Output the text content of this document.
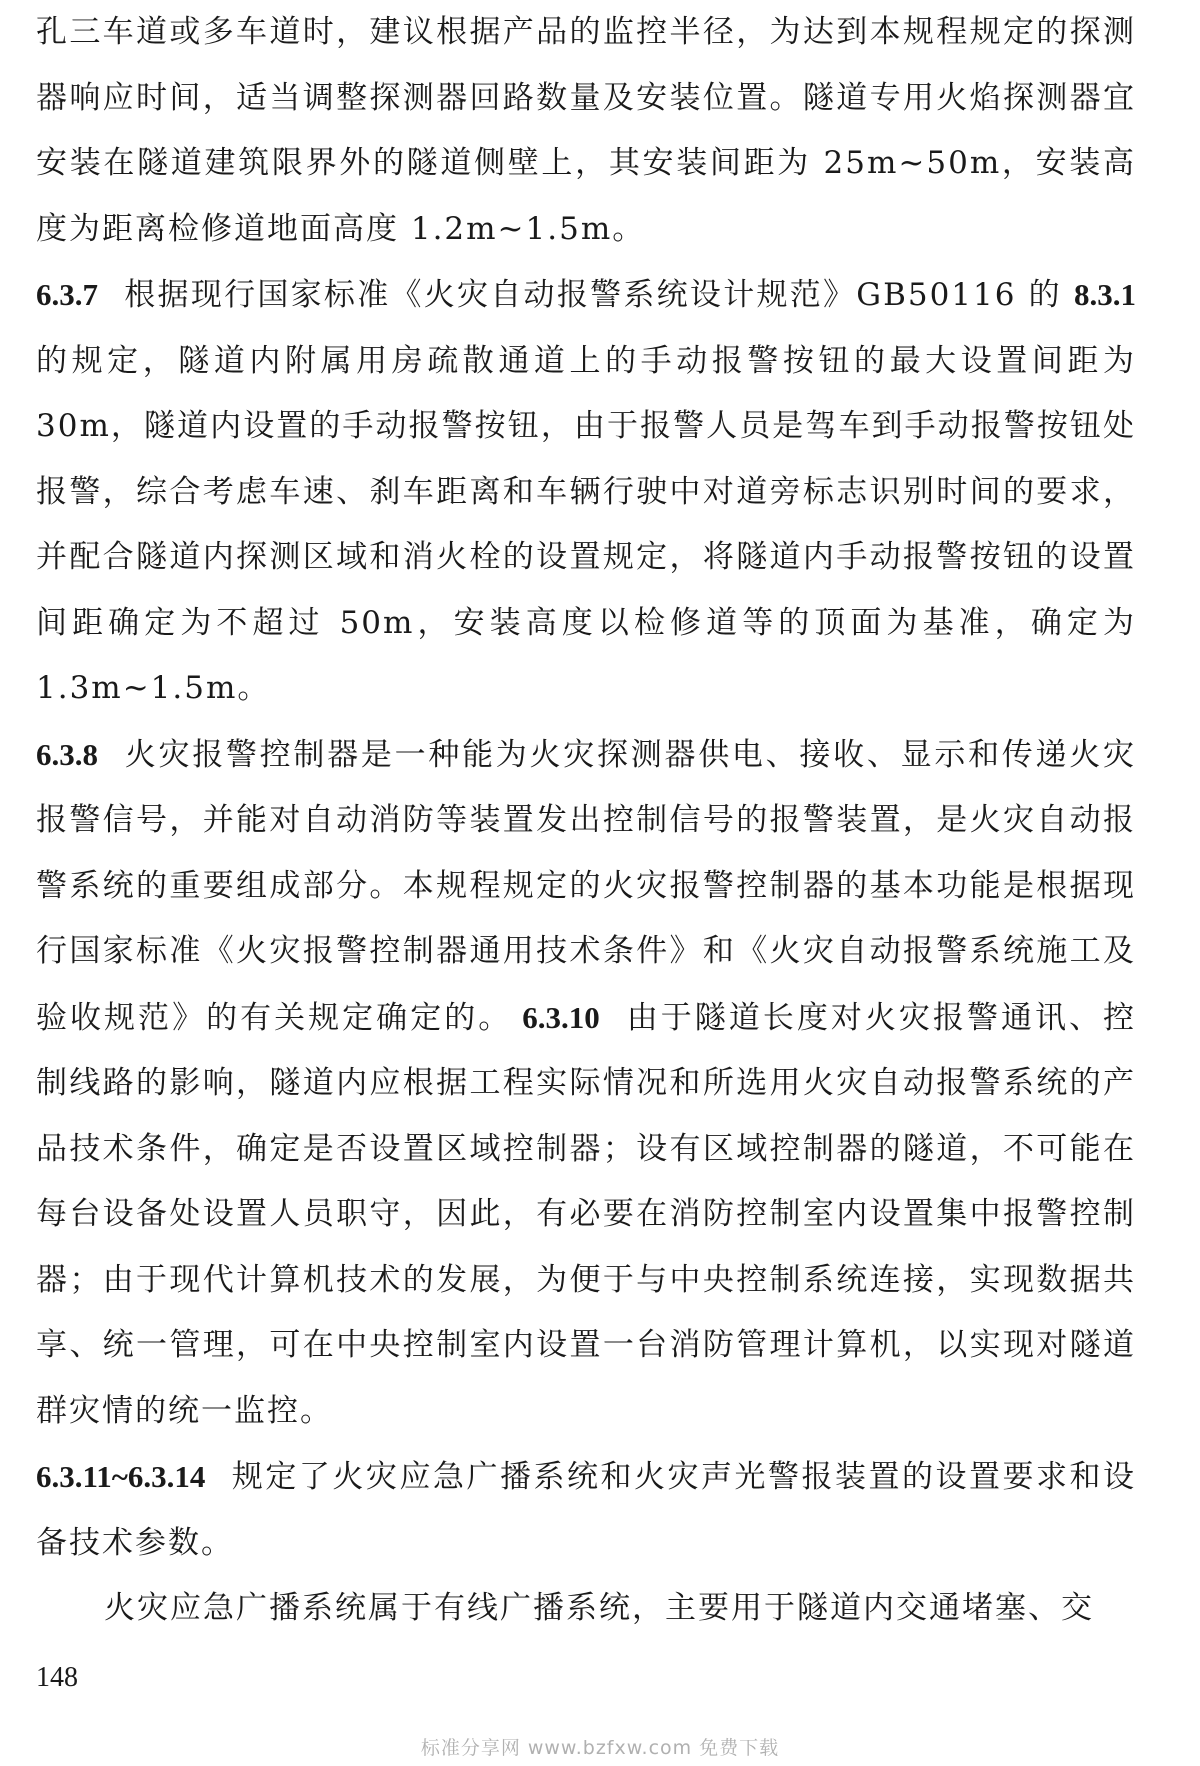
孔三车道或多车道时，建议根据产品的监控半径，为达到本规程规定的探测器响应时间，适当调整探测器回路数量及安装位置。隧道专用火焰探测器宜安装在隧道建筑限界外的隧道侧壁上，其安装间距为 25m~50m，安装高度为距离检修道地面高度 1.2m~1.5m。

6.3.7 根据现行国家标准《火灾自动报警系统设计规范》GB50116 的 8.3.1 的规定，隧道内附属用房疏散通道上的手动报警按钮的最大设置间距为 30m，隧道内设置的手动报警按钮，由于报警人员是驾车到手动报警按钮处报警，综合考虑车速、刹车距离和车辆行驶中对道旁标志识别时间的要求，并配合隧道内探测区域和消火栓的设置规定，将隧道内手动报警按钮的设置间距确定为不超过 50m，安装高度以检修道等的顶面为基准，确定为 1.3m~1.5m。

6.3.8 火灾报警控制器是一种能为火灾探测器供电、接收、显示和传递火灾报警信号，并能对自动消防等装置发出控制信号的报警装置，是火灾自动报警系统的重要组成部分。本规程规定的火灾报警控制器的基本功能是根据现行国家标准《火灾报警控制器通用技术条件》和《火灾自动报警系统施工及验收规范》的有关规定确定的。 6.3.10 由于隧道长度对火灾报警通讯、控制线路的影响，隧道内应根据工程实际情况和所选用火灾自动报警系统的产品技术条件，确定是否设置区域控制器；设有区域控制器的隧道，不可能在每台设备处设置人员职守，因此，有必要在消防控制室内设置集中报警控制器；由于现代计算机技术的发展，为便于与中央控制系统连接，实现数据共享、统一管理，可在中央控制室内设置一台消防管理计算机，以实现对隧道群灾情的统一监控。

6.3.11~6.3.14 规定了火灾应急广播系统和火灾声光警报装置的设置要求和设备技术参数。

火灾应急广播系统属于有线广播系统，主要用于隧道内交通堵塞、交

148
标准分享网 www.bzfxw.com 免费下载
